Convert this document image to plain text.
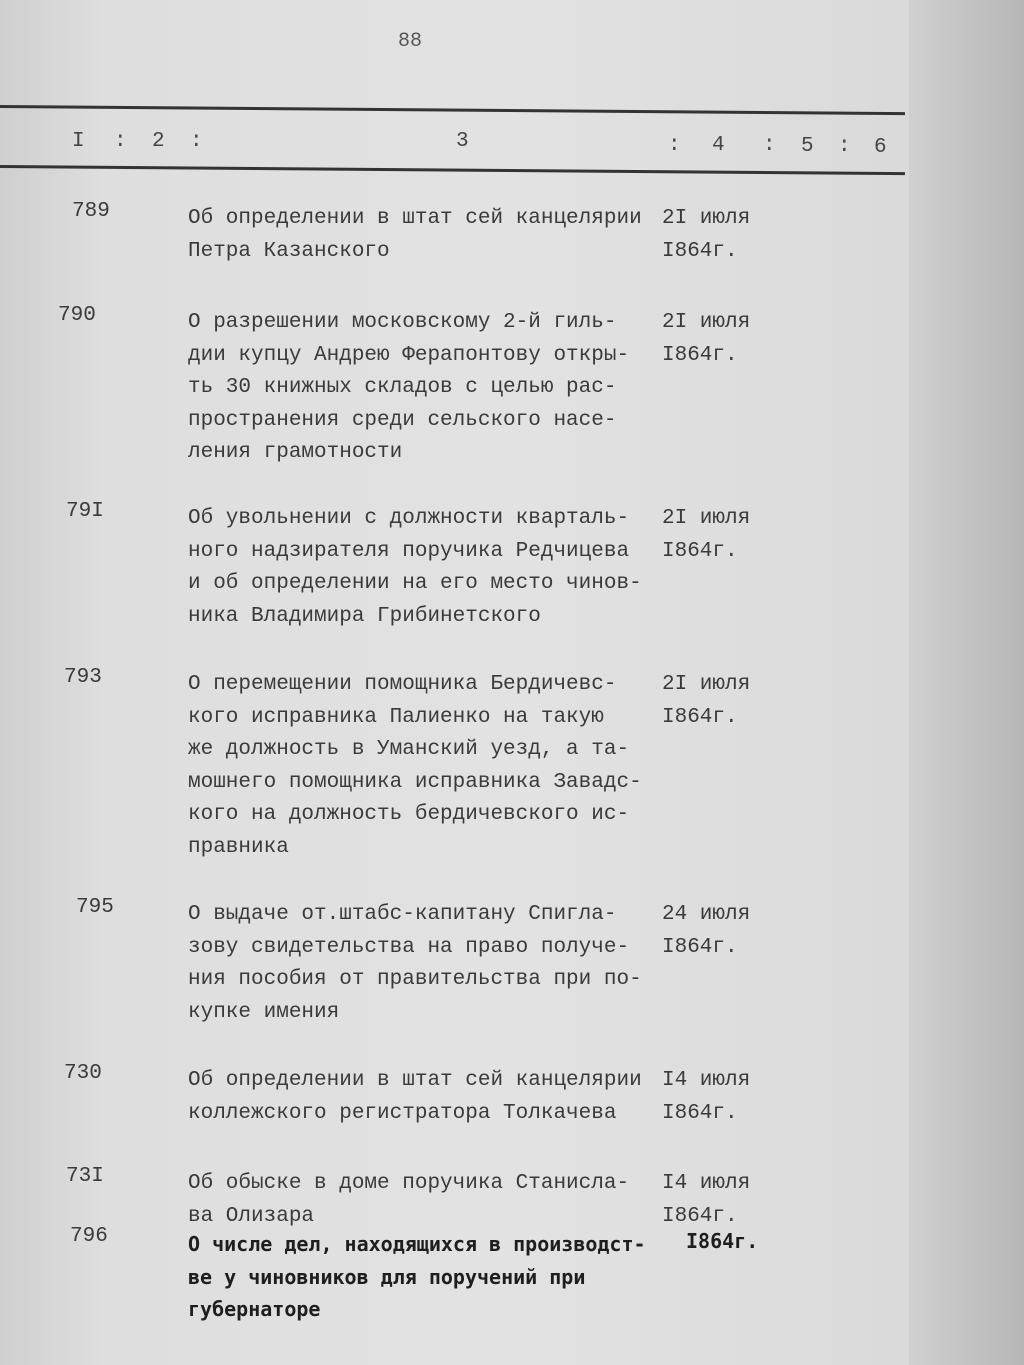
88
I : 2 :	3	: 4 : 5 : 6
789	Об определении в штат сей канцелярии
Петра Казанского
2I июля
I864г.
790	О разрешении московскому 2-й гиль-
дии купцу Андрею Ферапонтову откры-
ть 30 книжных складов с целью рас-
пространения среди сельского насе-
ления грамотности
2I июля
I864г.
79I	Об увольнении с должности кварталь-
ного надзирателя поручика Редчицева
и об определении на его место чинов-
ника Владимира Грибинетского
2I июля
I864г.
793	О перемещении помощника Бердичевс-
кого исправника Палиенко на такую
же должность в Уманский уезд, а та-
мошнего помощника исправника Завадс-
кого на должность бердичевского ис-
правника
2I июля
I864г.
795	О выдаче от.штабс-капитану Спигла-
зову свидетельства на право получе-
ния пособия от правительства при по-
купке имения
24 июля
I864г.
730	Об определении в штат сей канцелярии
коллежского регистратора Толкачева
I4 июля
I864г.
73I	Об обыске в доме поручика Станисла-
ва Олизара
I4 июля
I864г.
796	О числе дел, находящихся в производст-
ве у чиновников для поручений при
губернаторе
I864г.
